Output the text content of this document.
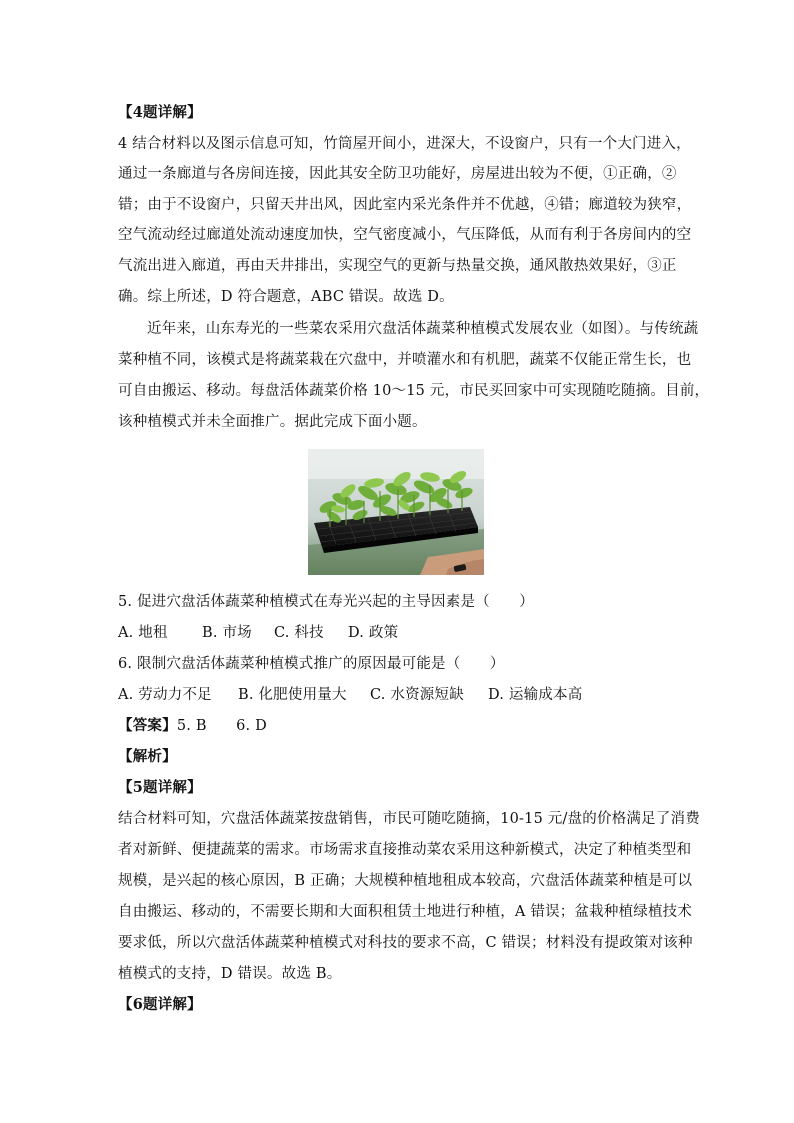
【4题详解】
4 结合材料以及图示信息可知，竹筒屋开间小，进深大，不设窗户，只有一个大门进入，
通过一条廊道与各房间连接，因此其安全防卫功能好，房屋进出较为不便，①正确，②
错；由于不设窗户，只留天井出风，因此室内采光条件并不优越，④错；廊道较为狭窄，
空气流动经过廊道处流动速度加快，空气密度减小，气压降低，从而有利于各房间内的空
气流出进入廊道，再由天井排出，实现空气的更新与热量交换，通风散热效果好，③正
确。综上所述，D 符合题意，ABC 错误。故选 D。
近年来，山东寿光的一些菜农采用穴盘活体蔬菜种植模式发展农业（如图）。与传统蔬
菜种植不同，该模式是将蔬菜栽在穴盘中，并喷灌水和有机肥，蔬菜不仅能正常生长，也
可自由搬运、移动。每盘活体蔬菜价格 10～15 元，市民买回家中可实现随吃随摘。目前，
该种植模式并未全面推广。据此完成下面小题。
5. 促进穴盘活体蔬菜种植模式在寿光兴起的主导因素是（　　）
A. 地租 B. 市场 C. 科技 D. 政策
6. 限制穴盘活体蔬菜种植模式推广的原因最可能是（　　）
A. 劳动力不足 B. 化肥使用量大 C. 水资源短缺 D. 运输成本高
【答案】5. B　　6. D
【解析】
【5题详解】
结合材料可知，穴盘活体蔬菜按盘销售，市民可随吃随摘，10-15 元/盘的价格满足了消费
者对新鲜、便捷蔬菜的需求。市场需求直接推动菜农采用这种新模式，决定了种植类型和
规模，是兴起的核心原因，B 正确；大规模种植地租成本较高，穴盘活体蔬菜种植是可以
自由搬运、移动的，不需要长期和大面积租赁土地进行种植，A 错误；盆栽种植绿植技术
要求低，所以穴盘活体蔬菜种植模式对科技的要求不高，C 错误；材料没有提政策对该种
植模式的支持，D 错误。故选 B。
【6题详解】
